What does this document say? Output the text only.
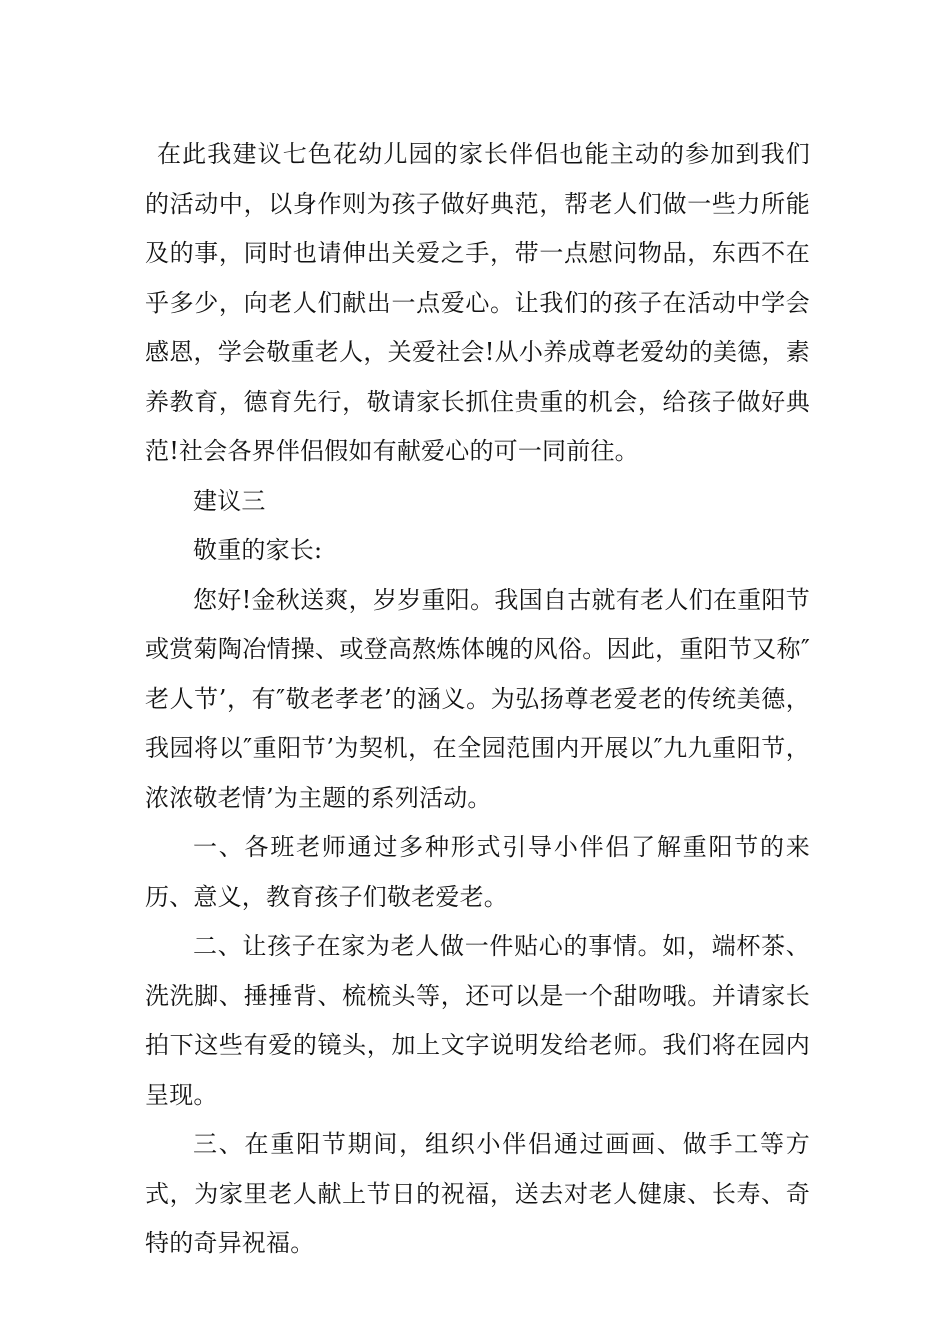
在此我建议七色花幼儿园的家长伴侣也能主动的参加到我们的活动中，以身作则为孩子做好典范，帮老人们做一些力所能及的事，同时也请伸出关爱之手，带一点慰问物品，东西不在乎多少，向老人们献出一点爱心。让我们的孩子在活动中学会感恩，学会敬重老人，关爱社会!从小养成尊老爱幼的美德，素养教育，德育先行，敬请家长抓住贵重的机会，给孩子做好典范!社会各界伴侣假如有献爱心的可一同前往。

建议三

敬重的家长:

您好!金秋送爽，岁岁重阳。我国自古就有老人们在重阳节或赏菊陶冶情操、或登高熬炼体魄的风俗。因此，重阳节又称″老人节’，有″敬老孝老’的涵义。为弘扬尊老爱老的传统美德，我园将以″重阳节’为契机，在全园范围内开展以″九九重阳节，浓浓敬老情’为主题的系列活动。

一、各班老师通过多种形式引导小伴侣了解重阳节的来历、意义，教育孩子们敬老爱老。

二、让孩子在家为老人做一件贴心的事情。如，端杯茶、洗洗脚、捶捶背、梳梳头等，还可以是一个甜吻哦。并请家长拍下这些有爱的镜头，加上文字说明发给老师。我们将在园内呈现。

三、在重阳节期间，组织小伴侣通过画画、做手工等方式，为家里老人献上节日的祝福，送去对老人健康、长寿、奇特的奇异祝福。
